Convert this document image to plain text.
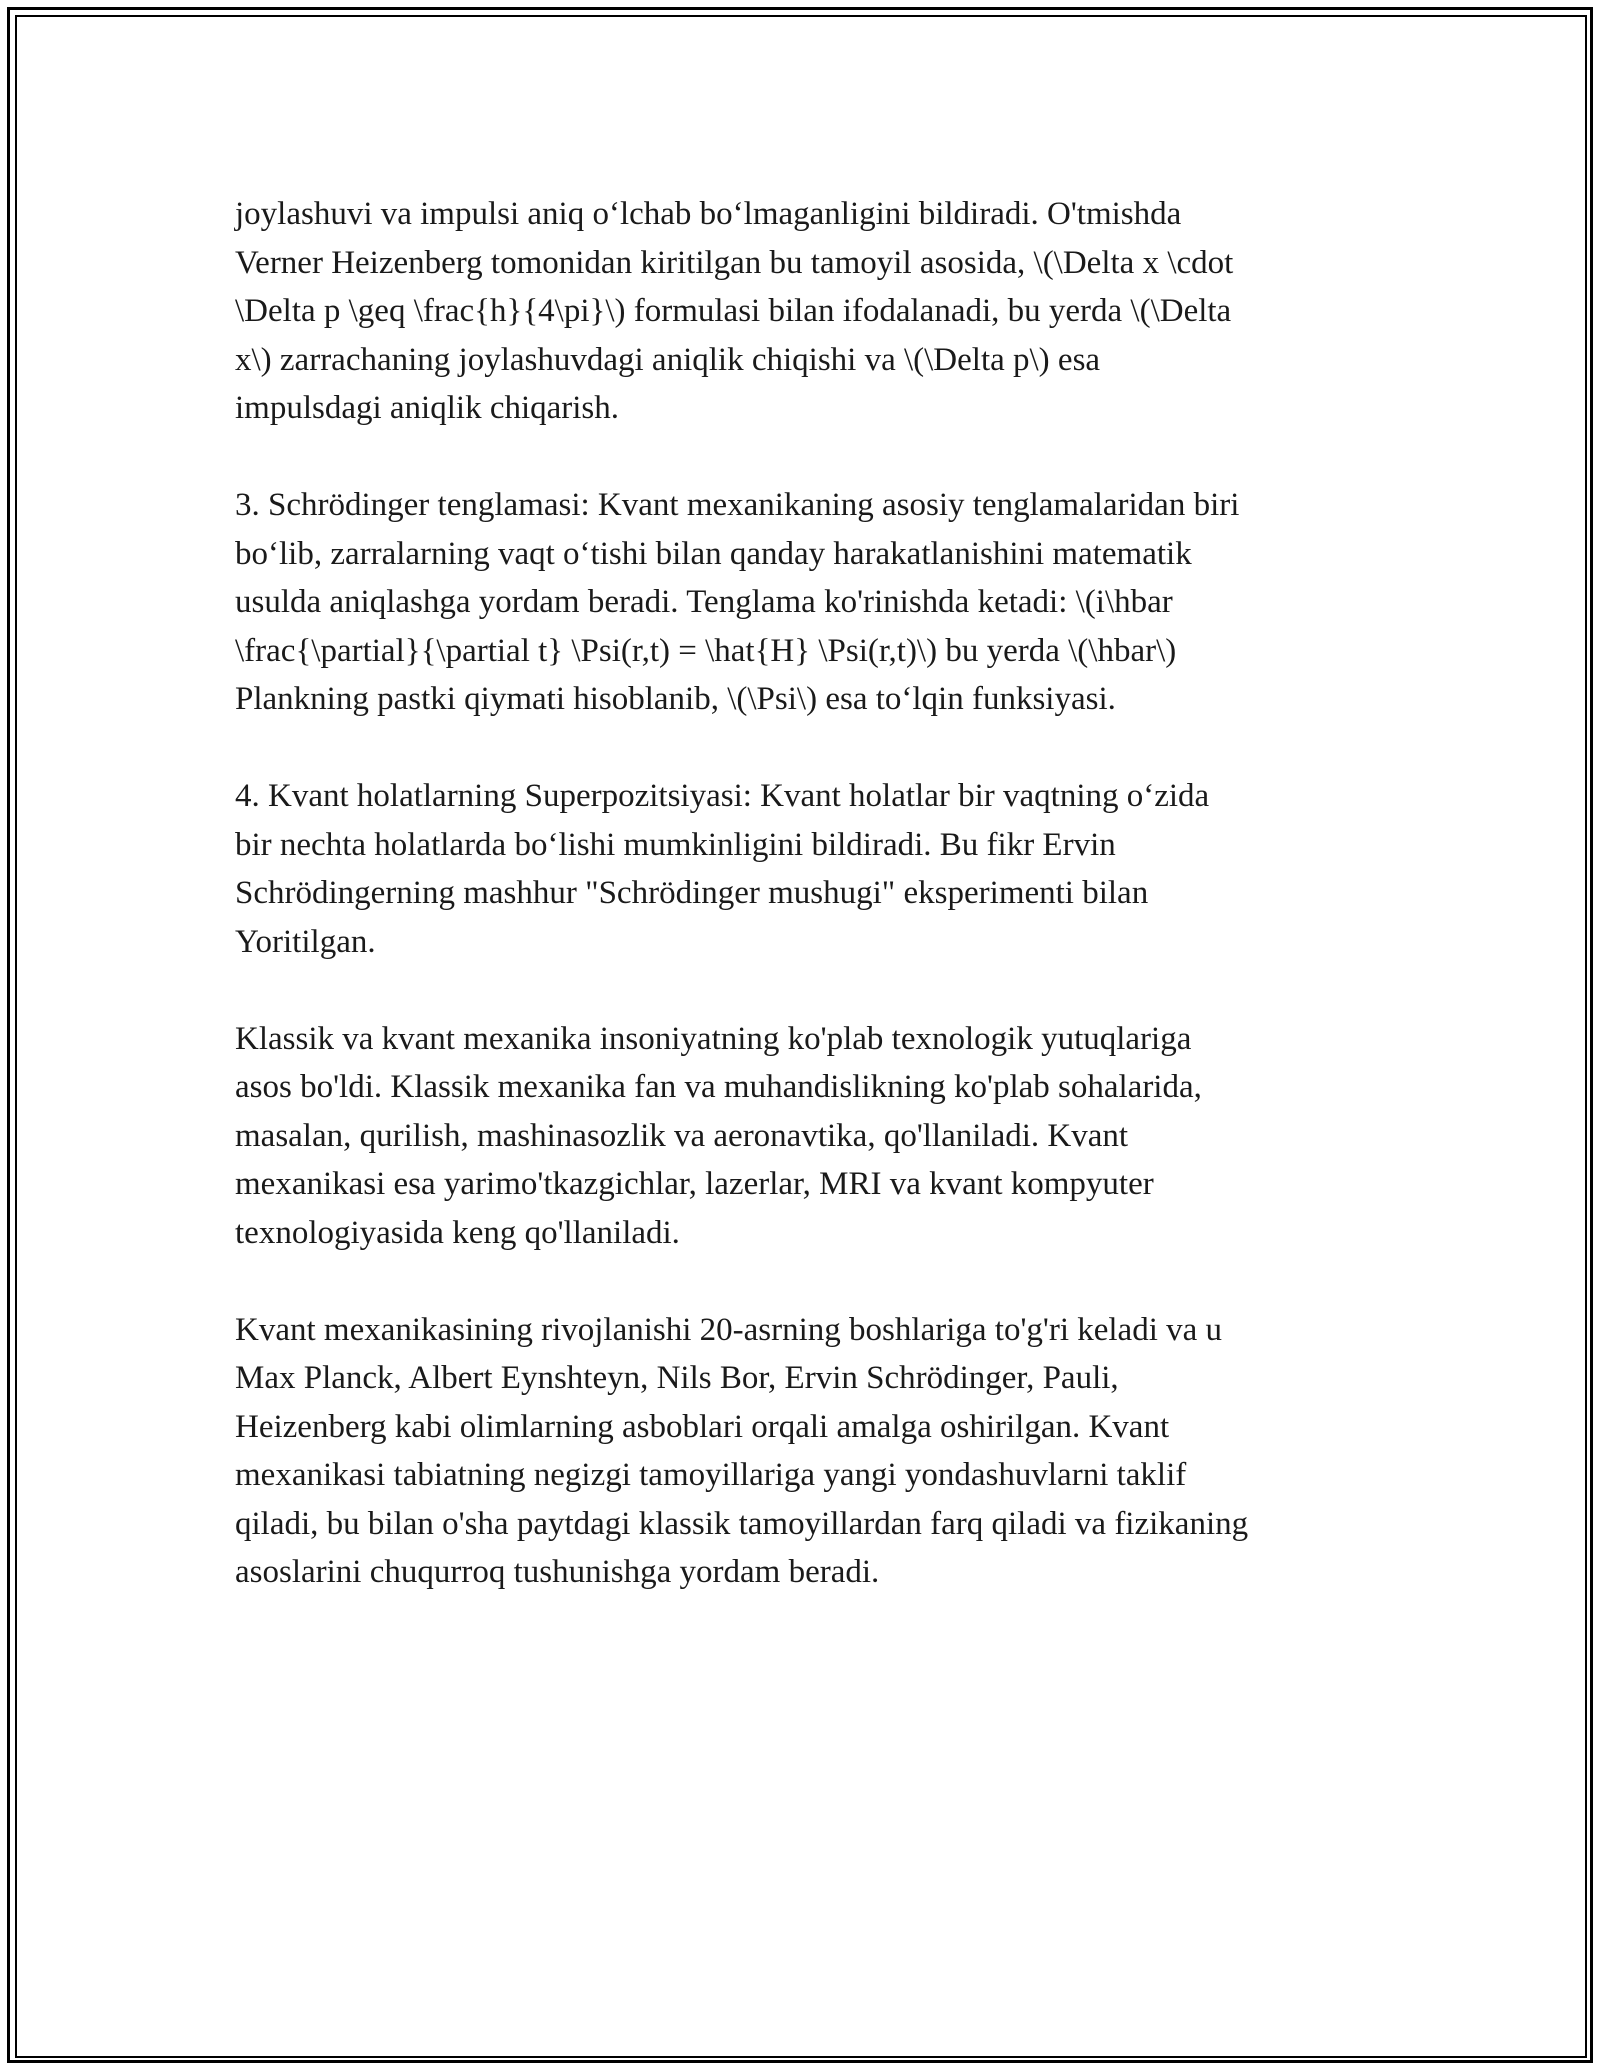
joylashuvi va impulsi aniq o‘lchab bo‘lmaganligini bildiradi. O'tmishda
Verner Heizenberg tomonidan kiritilgan bu tamoyil asosida, \(\Delta x \cdot
\Delta p \geq \frac{h}{4\pi}\) formulasi bilan ifodalanadi, bu yerda \(\Delta
x\) zarrachaning joylashuvdagi aniqlik chiqishi va \(\Delta p\) esa
impulsdagi aniqlik chiqarish.

3. Schrödinger tenglamasi: Kvant mexanikaning asosiy tenglamalaridan biri
bo‘lib, zarralarning vaqt o‘tishi bilan qanday harakatlanishini matematik
usulda aniqlashga yordam beradi. Tenglama ko'rinishda ketadi: \(i\hbar
\frac{\partial}{\partial t} \Psi(r,t) = \hat{H} \Psi(r,t)\) bu yerda \(\hbar\)
Plankning pastki qiymati hisoblanib, \(\Psi\) esa to‘lqin funksiyasi.

4. Kvant holatlarning Superpozitsiyasi: Kvant holatlar bir vaqtning o‘zida
bir nechta holatlarda bo‘lishi mumkinligini bildiradi. Bu fikr Ervin
Schrödingerning mashhur "Schrödinger mushugi" eksperimenti bilan
Yoritilgan.

Klassik va kvant mexanika insoniyatning ko'plab texnologik yutuqlariga
asos bo'ldi. Klassik mexanika fan va muhandislikning ko'plab sohalarida,
masalan, qurilish, mashinasozlik va aeronavtika, qo'llaniladi. Kvant
mexanikasi esa yarimo'tkazgichlar, lazerlar, MRI va kvant kompyuter
texnologiyasida keng qo'llaniladi.

Kvant mexanikasining rivojlanishi 20-asrning boshlariga to'g'ri keladi va u
Max Planck, Albert Eynshteyn, Nils Bor, Ervin Schrödinger, Pauli,
Heizenberg kabi olimlarning asboblari orqali amalga oshirilgan. Kvant
mexanikasi tabiatning negizgi tamoyillariga yangi yondashuvlarni taklif
qiladi, bu bilan o'sha paytdagi klassik tamoyillardan farq qiladi va fizikaning
asoslarini chuqurroq tushunishga yordam beradi.
